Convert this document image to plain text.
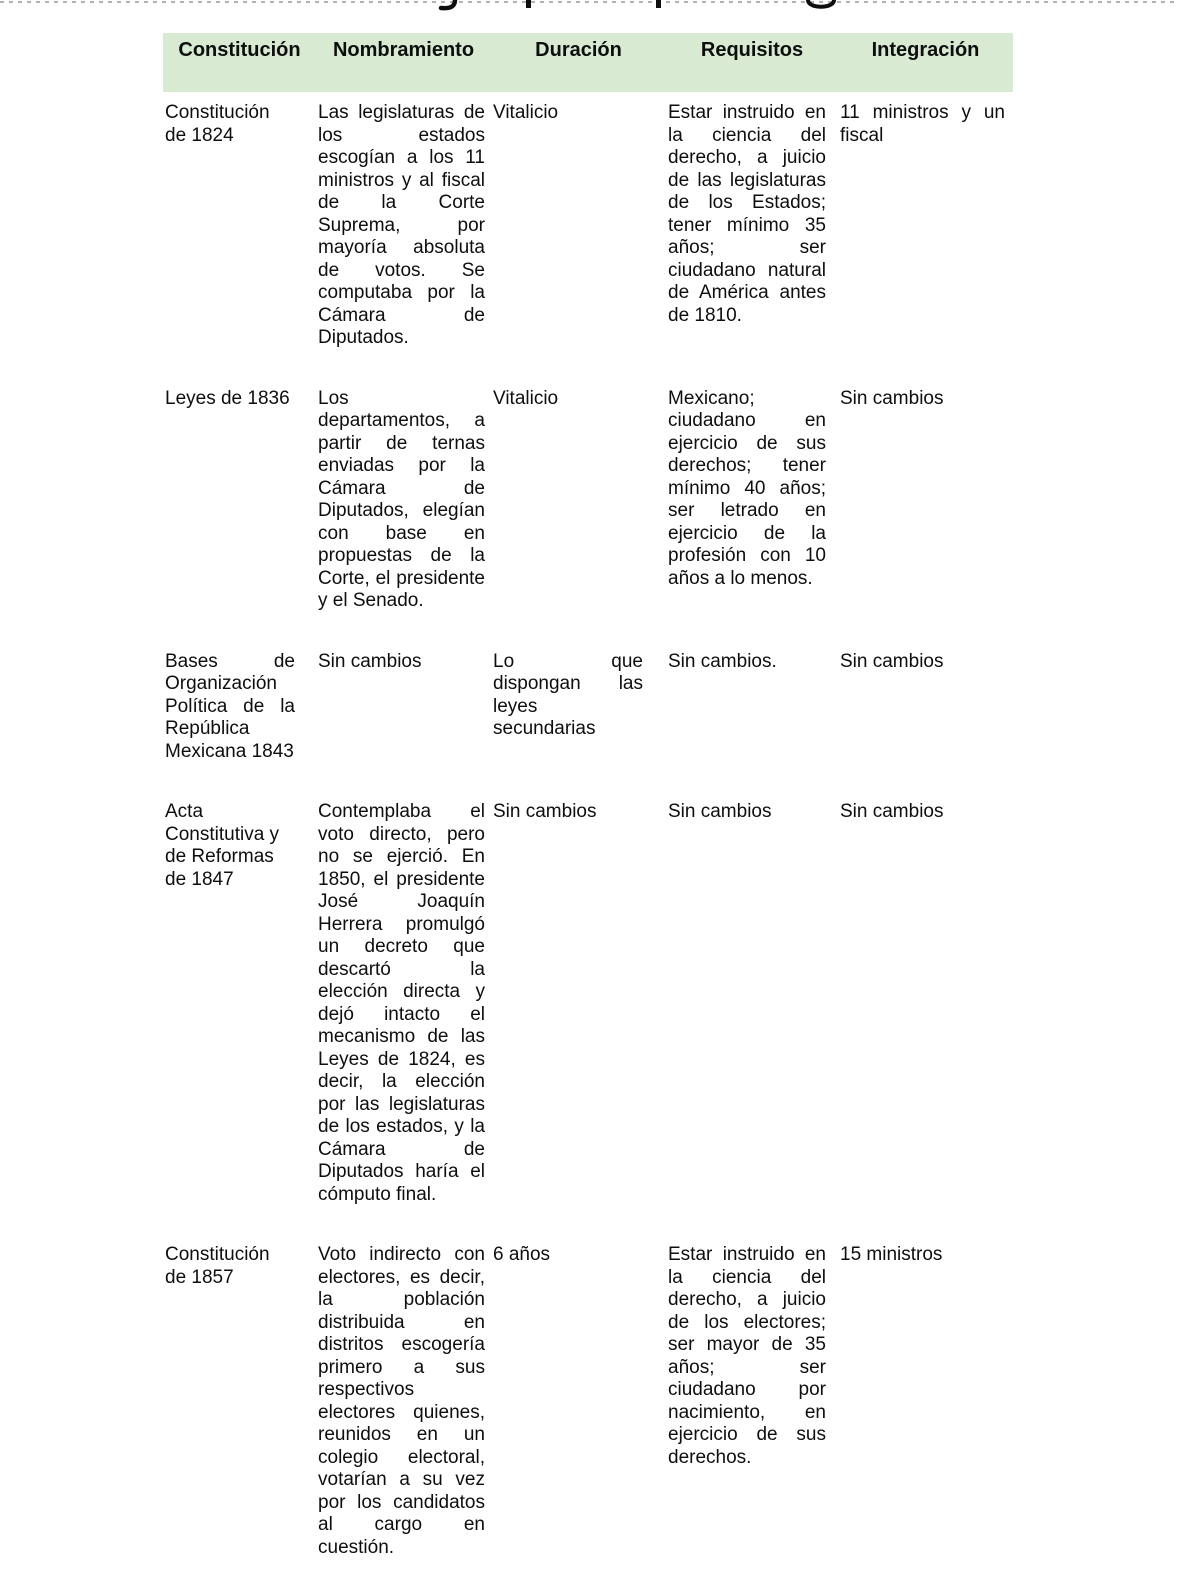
Constitución	Nombramiento	Duración	Requisitos	Integración
Constitución de 1824	Las legislaturas de los estados escogían a los 11 ministros y al fiscal de la Corte Suprema, por mayoría absoluta de votos. Se computaba por la Cámara de Diputados.	Vitalicio	Estar instruido en la ciencia del derecho, a juicio de las legislaturas de los Estados; tener mínimo 35 años; ser ciudadano natural de América antes de 1810.	11 ministros y un fiscal
Leyes de 1836	Los departamentos, a partir de ternas enviadas por la Cámara de Diputados, elegían con base en propuestas de la Corte, el presidente y el Senado.	Vitalicio	Mexicano; ciudadano en ejercicio de sus derechos; tener mínimo 40 años; ser letrado en ejercicio de la profesión con 10 años a lo menos.	Sin cambios
Bases de Organización Política de la República Mexicana 1843	Sin cambios	Lo que dispongan las leyes secundarias	Sin cambios.	Sin cambios
Acta Constitutiva y de Reformas de 1847	Contemplaba el voto directo, pero no se ejerció. En 1850, el presidente José Joaquín Herrera promulgó un decreto que descartó la elección directa y dejó intacto el mecanismo de las Leyes de 1824, es decir, la elección por las legislaturas de los estados, y la Cámara de Diputados haría el cómputo final.	Sin cambios	Sin cambios	Sin cambios
Constitución de 1857	Voto indirecto con electores, es decir, la población distribuida en distritos escogería primero a sus respectivos electores quienes, reunidos en un colegio electoral, votarían a su vez por los candidatos al cargo en cuestión.	6 años	Estar instruido en la ciencia del derecho, a juicio de los electores; ser mayor de 35 años; ser ciudadano por nacimiento, en ejercicio de sus derechos.	15 ministros
